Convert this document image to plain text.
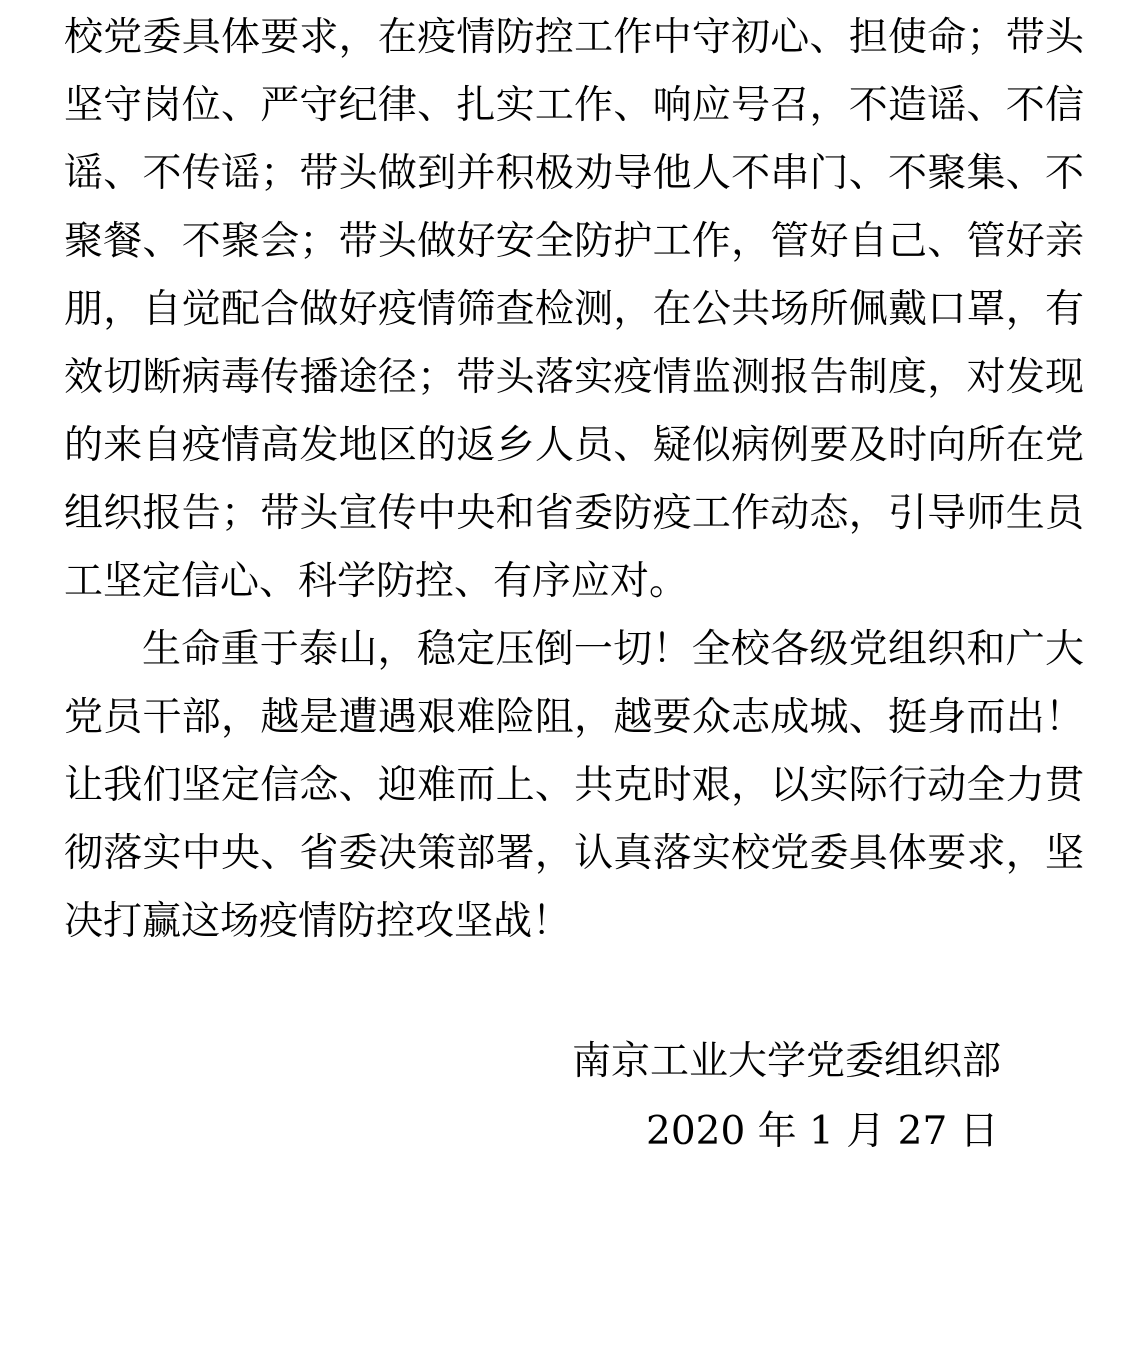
校党委具体要求，在疫情防控工作中守初心、担使命；带头
坚守岗位、严守纪律、扎实工作、响应号召，不造谣、不信
谣、不传谣；带头做到并积极劝导他人不串门、不聚集、不
聚餐、不聚会；带头做好安全防护工作，管好自己、管好亲
朋，自觉配合做好疫情筛查检测，在公共场所佩戴口罩，有
效切断病毒传播途径；带头落实疫情监测报告制度，对发现
的来自疫情高发地区的返乡人员、疑似病例要及时向所在党
组织报告；带头宣传中央和省委防疫工作动态，引导师生员
工坚定信心、科学防控、有序应对。
生命重于泰山，稳定压倒一切！全校各级党组织和广大
党员干部，越是遭遇艰难险阻，越要众志成城、挺身而出！
让我们坚定信念、迎难而上、共克时艰，以实际行动全力贯
彻落实中央、省委决策部署，认真落实校党委具体要求，坚
决打赢这场疫情防控攻坚战！
南京工业大学党委组织部
2020 年 1 月 27 日
